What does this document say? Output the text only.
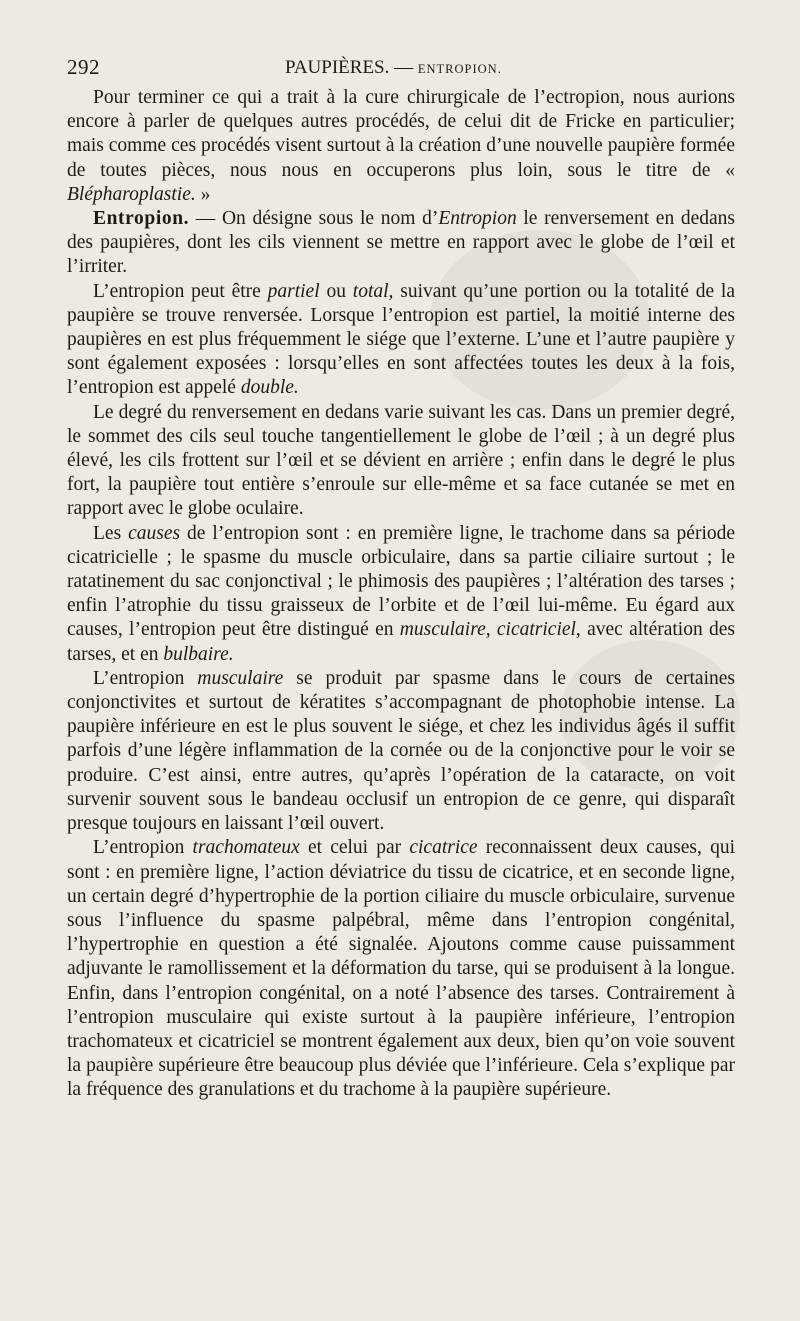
292	PAUPIÈRES. — ENTROPION.

Pour terminer ce qui a trait à la cure chirurgicale de l’ectropion, nous aurions encore à parler de quelques autres procédés, de celui dit de Fricke en particulier; mais comme ces procédés visent surtout à la création d’une nouvelle paupière formée de toutes pièces, nous nous en occuperons plus loin, sous le titre de « Blépharoplastie. »

Entropion. — On désigne sous le nom d’Entropion le renversement en dedans des paupières, dont les cils viennent se mettre en rapport avec le globe de l’œil et l’irriter.

L’entropion peut être partiel ou total, suivant qu’une portion ou la totalité de la paupière se trouve renversée. Lorsque l’entropion est partiel, la moitié interne des paupières en est plus fréquemment le siége que l’externe. L’une et l’autre paupière y sont également exposées : lorsqu’elles en sont affectées toutes les deux à la fois, l’entropion est appelé double.

Le degré du renversement en dedans varie suivant les cas. Dans un premier degré, le sommet des cils seul touche tangentiellement le globe de l’œil ; à un degré plus élevé, les cils frottent sur l’œil et se dévient en arrière ; enfin dans le degré le plus fort, la paupière tout entière s’enroule sur elle-même et sa face cutanée se met en rapport avec le globe oculaire.

Les causes de l’entropion sont : en première ligne, le trachome dans sa période cicatricielle ; le spasme du muscle orbiculaire, dans sa partie ciliaire surtout ; le ratatinement du sac conjonctival ; le phimosis des paupières ; l’altération des tarses ; enfin l’atrophie du tissu graisseux de l’orbite et de l’œil lui-même. Eu égard aux causes, l’entropion peut être distingué en musculaire, cicatriciel, avec altération des tarses, et en bulbaire.

L’entropion musculaire se produit par spasme dans le cours de certaines conjonctivites et surtout de kératites s’accompagnant de photophobie intense. La paupière inférieure en est le plus souvent le siége, et chez les individus âgés il suffit parfois d’une légère inflammation de la cornée ou de la conjonctive pour le voir se produire. C’est ainsi, entre autres, qu’après l’opération de la cataracte, on voit survenir souvent sous le bandeau occlusif un entropion de ce genre, qui disparaît presque toujours en laissant l’œil ouvert.

L’entropion trachomateux et celui par cicatrice reconnaissent deux causes, qui sont : en première ligne, l’action déviatrice du tissu de cicatrice, et en seconde ligne, un certain degré d’hypertrophie de la portion ciliaire du muscle orbiculaire, survenue sous l’influence du spasme palpébral, même dans l’entropion congénital, l’hypertrophie en question a été signalée. Ajoutons comme cause puissamment adjuvante le ramollissement et la déformation du tarse, qui se produisent à la longue. Enfin, dans l’entropion congénital, on a noté l’absence des tarses. Contrairement à l’entropion musculaire qui existe surtout à la paupière inférieure, l’entropion trachomateux et cicatriciel se montrent également aux deux, bien qu’on voie souvent la paupière supérieure être beaucoup plus déviée que l’inférieure. Cela s’explique par la fréquence des granulations et du trachome à la paupière supérieure.
